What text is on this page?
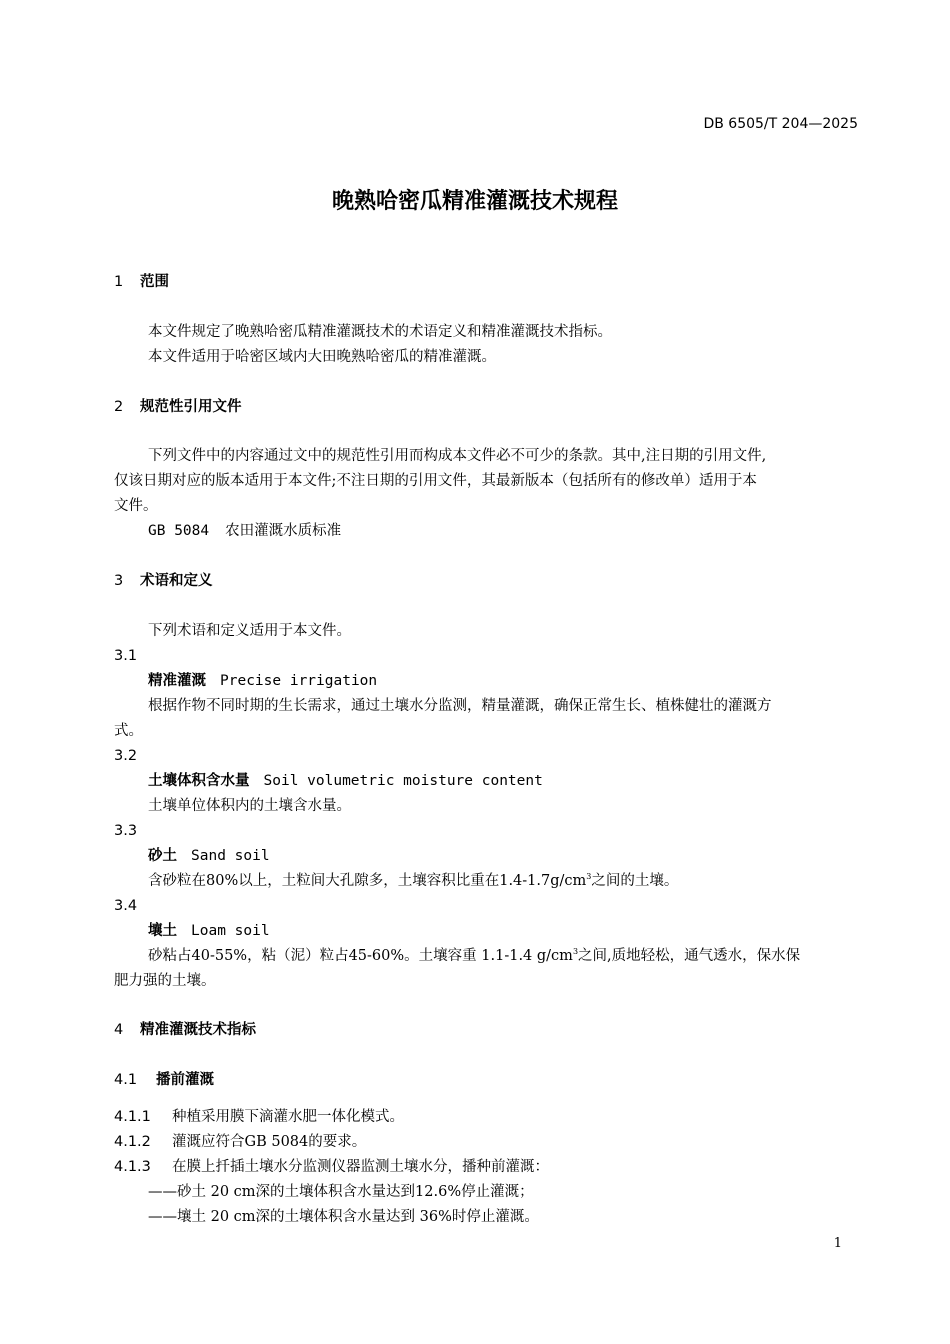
DB 6505/T 204—2025
晚熟哈密瓜精准灌溉技术规程
1 范围
本文件规定了晚熟哈密瓜精准灌溉技术的术语定义和精准灌溉技术指标。
本文件适用于哈密区域内大田晚熟哈密瓜的精准灌溉。
2 规范性引用文件
下列文件中的内容通过文中的规范性引用而构成本文件必不可少的条款。其中,注日期的引用文件,
仅该日期对应的版本适用于本文件;不注日期的引用文件，其最新版本（包括所有的修改单）适用于本
文件。
GB 5084 农田灌溉水质标准
3 术语和定义
下列术语和定义适用于本文件。
3.1
精准灌溉 Precise irrigation
根据作物不同时期的生长需求，通过土壤水分监测，精量灌溉，确保正常生长、植株健壮的灌溉方
式。
3.2
土壤体积含水量 Soil volumetric moisture content
土壤单位体积内的土壤含水量。
3.3
砂土 Sand soil
含砂粒在80%以上，土粒间大孔隙多，土壤容积比重在$1.4-1.7g/cm^3$之间的土壤。
3.4
壤土 Loam soil
砂粘占40-55%，粘（泥）粒占45-60%。土壤容重 1.1-1.4 $g/cm^3$之间,质地轻松，通气透水，保水保
肥力强的土壤。
4 精准灌溉技术指标
4.1 播前灌溉
4.1.1 种植采用膜下滴灌水肥一体化模式。
4.1.2 灌溉应符合GB 5084的要求。
4.1.3 在膜上扦插土壤水分监测仪器监测土壤水分，播种前灌溉：
——砂土 20 cm深的土壤体积含水量达到12.6%停止灌溉；
——壤土 20 cm深的土壤体积含水量达到 36%时停止灌溉。
1
